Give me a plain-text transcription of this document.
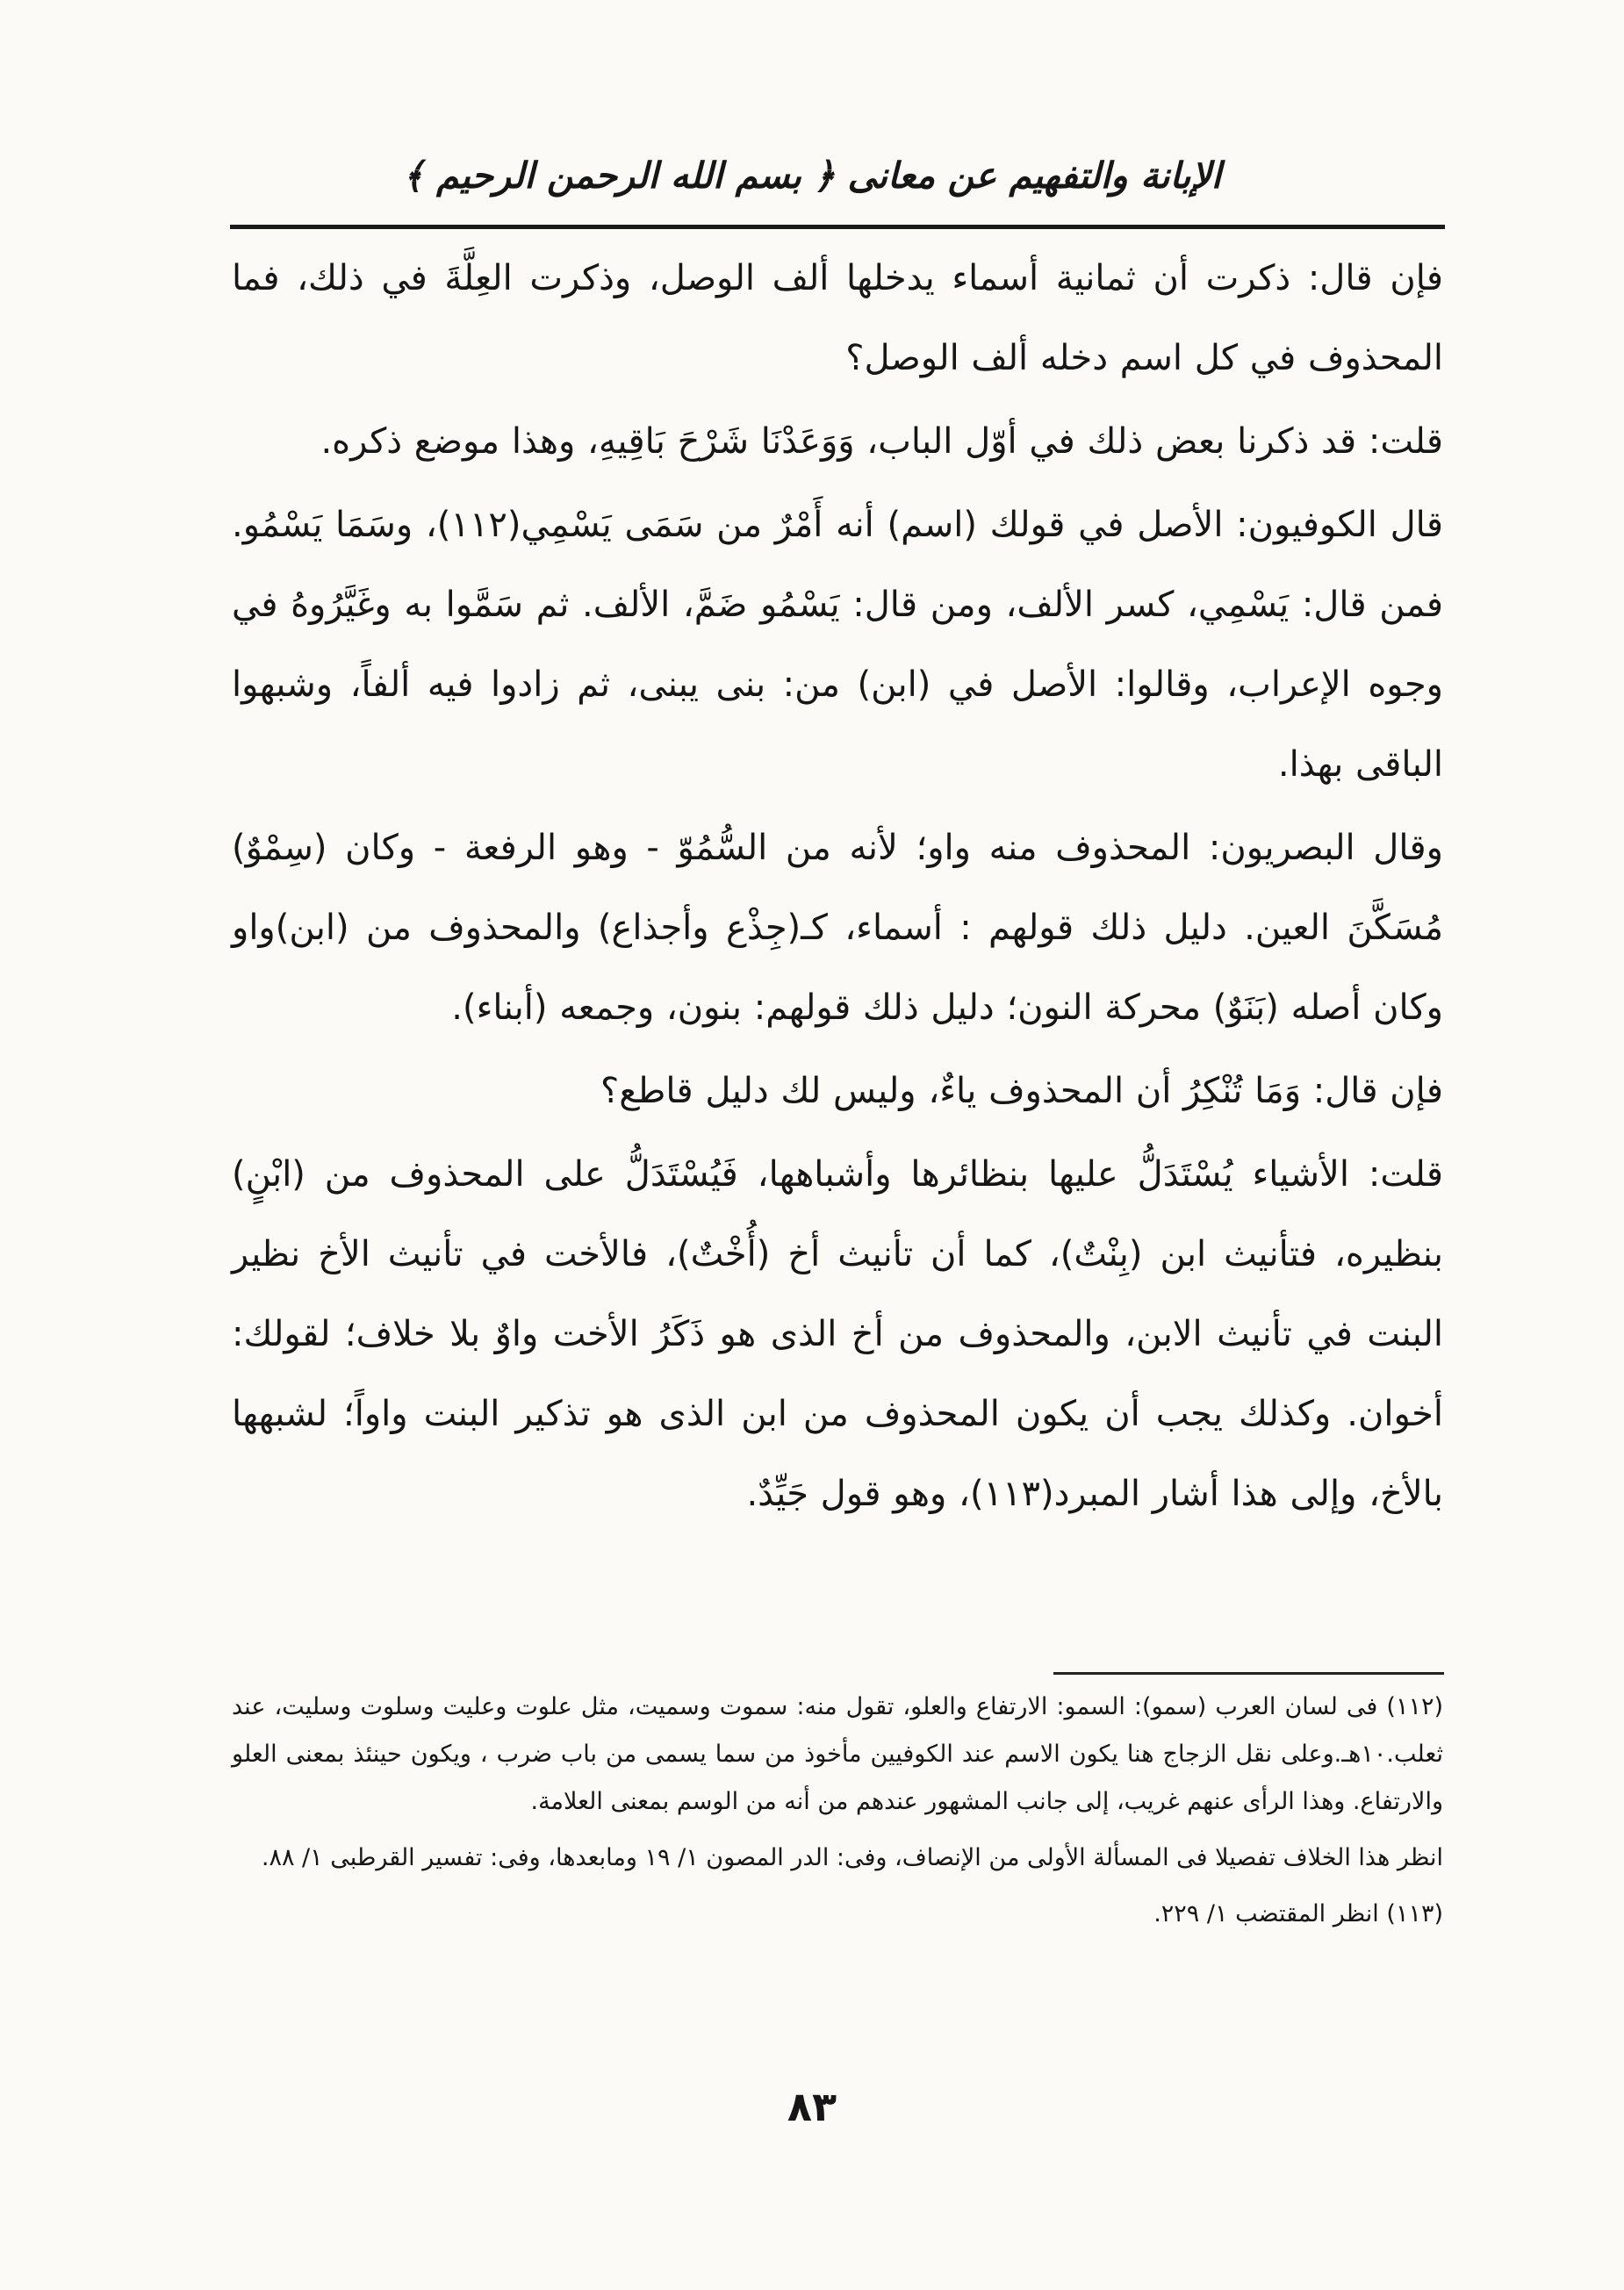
الإبانة والتفهيم عن معانى ﴿ بسم الله الرحمن الرحيم ﴾

فإن قال: ذكرت أن ثمانية أسماء يدخلها ألف الوصل، وذكرت العِلَّةَ في ذلك، فما المحذوف في كل اسم دخله ألف الوصل؟

قلت: قد ذكرنا بعض ذلك في أوّل الباب، وَوَعَدْنَا شَرْحَ بَاقِيهِ، وهذا موضع ذكره.

قال الكوفيون: الأصل في قولك (اسم) أنه أَمْرٌ من سَمَى يَسْمِي(١١٢)، وسَمَا يَسْمُو. فمن قال: يَسْمِي، كسر الألف، ومن قال: يَسْمُو ضَمَّ، الألف. ثم سَمَّوا به وغَيَّرُوهُ في وجوه الإعراب، وقالوا: الأصل في (ابن) من: بنى يبنى، ثم زادوا فيه ألفاً، وشبهوا الباقى بهذا.

وقال البصريون: المحذوف منه واو؛ لأنه من السُّمُوّ - وهو الرفعة - وكان (سِمْوٌ) مُسَكَّنَ العين. دليل ذلك قولهم : أسماء، كـ(جِذْع وأجذاع) والمحذوف من (ابن)واو وكان أصله (بَنَوٌ) محركة النون؛ دليل ذلك قولهم: بنون، وجمعه (أبناء).

فإن قال: وَمَا تُنْكِرُ أن المحذوف ياءٌ، وليس لك دليل قاطع؟

قلت: الأشياء يُسْتَدَلُّ عليها بنظائرها وأشباهها، فَيُسْتَدَلُّ على المحذوف من (ابْنٍ) بنظيره، فتأنيث ابن (بِنْتٌ)، كما أن تأنيث أخ (أُخْتٌ)، فالأخت في تأنيث الأخ نظير البنت في تأنيث الابن، والمحذوف من أخ الذى هو ذَكَرُ الأخت واوٌ بلا خلاف؛ لقولك: أخوان. وكذلك يجب أن يكون المحذوف من ابن الذى هو تذكير البنت واواً؛ لشبهها بالأخ، وإلى هذا أشار المبرد(١١٣)، وهو قول جَيِّدٌ.

(١١٢) فى لسان العرب (سمو): السمو: الارتفاع والعلو، تقول منه: سموت وسميت، مثل علوت وعليت وسلوت وسليت، عند ثعلب.١٠هـ.وعلى نقل الزجاج هنا يكون الاسم عند الكوفيين مأخوذ من سما يسمى من باب ضرب ، ويكون حينئذ بمعنى العلو والارتفاع. وهذا الرأى عنهم غريب، إلى جانب المشهور عندهم من أنه من الوسم بمعنى العلامة.

انظر هذا الخلاف تفصيلا فى المسألة الأولى من الإنصاف، وفى: الدر المصون ١/ ١٩ ومابعدها، وفى: تفسير القرطبى ١/ ٨٨.

(١١٣) انظر المقتضب ١/ ٢٢٩.

٨٣
